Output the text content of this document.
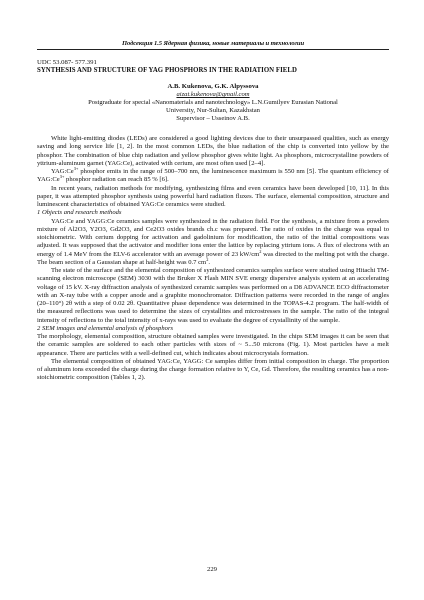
Подсекция 1.5 Ядерная физика, новые материалы и технологии
UDC 53.087- 577.391
SYNTHESIS AND STRUCTURE OF YAG PHOSPHORS IN THE RADIATION FIELD
A.B. Kukenova, G.K. Alpyssova
aizat.kukenova@gmail.com
Postgraduate for special «Nanomaterials and nanotechnology» L.N.Gumilyev Eurasian National
University, Nur-Sultan, Kazakhstan
Supervisor – Usseinov A.B.

White light-emitting diodes (LEDs) are considered a good lighting devices due to their unsurpassed qualities, such as energy saving and long service life [1, 2]. In the most common LEDs, the blue radiation of the chip is converted into yellow by the phosphor. The combination of blue chip radiation and yellow phosphor gives white light. As phosphors, microcrystalline powders of yttrium-aluminum garnet (YAG:Ce), activated with cerium, are most often used [2–4].

$YAG:Ce^{3+}$ phosphor emits in the range of 500–700 nm, the luminescence maximum is 550 nm [5]. The quantum efficiency of $YAG:Ce^{3+}$ phosphor radiation can reach 85 % [6].

In recent years, radiation methods for modifying, synthesizing films and even ceramics have been developed [10, 11]. In this paper, it was attempted phosphor synthesis using powerful hard radiation fluxes. The surface, elemental composition, structure and luminescent characteristics of obtained YAG:Ce ceramics were studied.

1 Objects and research methods

YAG:Ce and YAGG:Ce ceramics samples were synthesized in the radiation field. For the synthesis, a mixture from a powders mixture of Al2O3, Y2O3, Gd2O3, and Ce2O3 oxides brands ch.c was prepared. The ratio of oxides in the charge was equal to stoichiometric. With cerium dopping for activation and gadolinium for modification, the ratio of the initial compositions was adjusted. It was supposed that the activator and modifier ions enter the lattice by replacing yttrium ions. A flux of electrons with an energy of 1.4 MeV from the ELV-6 accelerator with an average power of 23 $kW/cm^2$ was directed to the melting pot with the charge. The beam section of a Gaussian shape at half-height was 0.7 $cm^2$.

The state of the surface and the elemental composition of synthesized ceramics samples surface were studied using Hitachi TM-scanning electron microscope (SEM) 3030 with the Bruker X Flash MIN SVE energy dispersive analysis system at an accelerating voltage of 15 kV. X-ray diffraction analysis of synthesized ceramic samples was performed on a D8 ADVANCE ECO diffractometer with an X-ray tube with a copper anode and a graphite monochromator. Diffraction patterns were recorded in the range of angles (20–110°) 2θ with a step of 0.02 2θ. Quantitative phase dependence was determined in the TOPAS-4.2 program. The half-width of the measured reflections was used to determine the sizes of crystallites and microstresses in the sample. The ratio of the integral intensity of reflections to the total intensity of x-rays was used to evaluate the degree of crystallinity of the sample.

2 SEM images and elemental analysis of phosphors

The morphology, elemental composition, structure obtained samples were investigated. In the chips SEM images it can be seen that the ceramic samples are soldered to each other particles with sizes of ~ 5...50 microns (Fig. 1). Most particles have a melt appearance. There are particles with a well-defined cut, which indicates about microcrystals formation.

The elemental composition of obtained YAG:Ce, YAGG: Ce samples differ from initial composition in charge. The proportion of aluminum ions exceeded the charge during the charge formation relative to Y, Ce, Gd. Therefore, the resulting ceramics has a non-stoichiometric composition (Tables 1, 2).

229
